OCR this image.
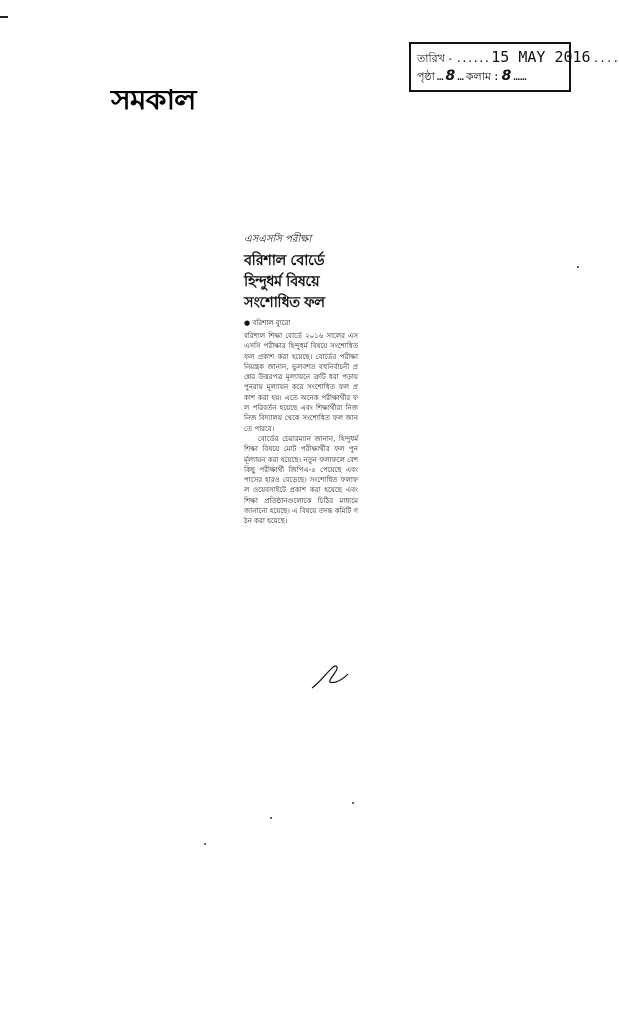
সমকাল
তারিখ - ...... 15 MAY 2016 ....
পৃষ্ঠা … 8 … কলাম : 8 ……
এসএসসি পরীক্ষা
বরিশাল বোর্ডে হিন্দুধর্ম বিষয়ে সংশোধিত ফল
● বরিশাল ব্যুরো

বরিশাল শিক্ষা বোর্ডে ২০১৬ সালের এসএসসি পরীক্ষার হিন্দুধর্ম বিষয়ে সংশোধিত ফল প্রকাশ করা হয়েছে। বোর্ডের পরীক্ষা নিয়ন্ত্রক জানান, ভুলবশত বহুনির্বাচনী প্রশ্নের উত্তরপত্র মূল্যায়নে ত্রুটি ধরা পড়ায় পুনরায় মূল্যায়ন করে সংশোধিত ফল প্রকাশ করা হয়। এতে অনেক পরীক্ষার্থীর ফল পরিবর্তন হয়েছে এবং শিক্ষার্থীরা নিজ নিজ বিদ্যালয় থেকে সংশোধিত ফল জানতে পারবে।

বোর্ডের চেয়ারম্যান জানান, হিন্দুধর্ম শিক্ষা বিষয়ে মোট পরীক্ষার্থীর ফল পুনর্মূল্যায়ন করা হয়েছে। নতুন ফলাফলে বেশ কিছু পরীক্ষার্থী জিপিএ-৫ পেয়েছে এবং পাসের হারও বেড়েছে। সংশোধিত ফলাফল ওয়েবসাইটে প্রকাশ করা হয়েছে এবং শিক্ষা প্রতিষ্ঠানগুলোকে চিঠির মাধ্যমে জানানো হয়েছে। এ বিষয়ে তদন্ত কমিটি গঠন করা হয়েছে।
